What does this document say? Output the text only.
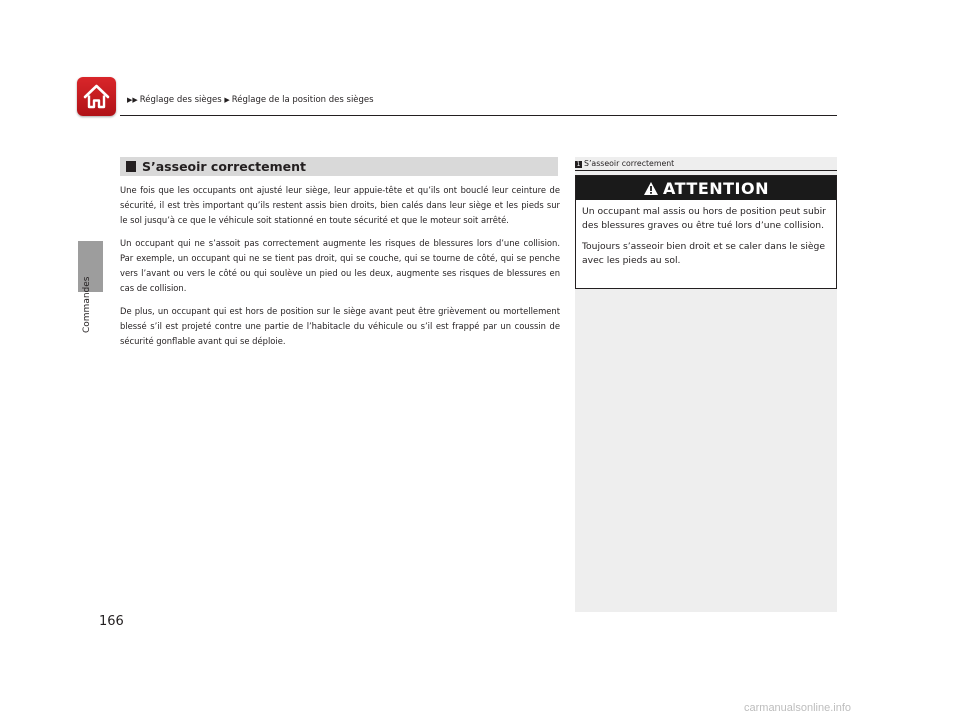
▶▶ Réglage des sièges ▶ Réglage de la position des sièges
Commandes
S’asseoir correctement

Une fois que les occupants ont ajusté leur siège, leur appuie-tête et qu’ils ont bouclé leur ceinture de sécurité, il est très important qu’ils restent assis bien droits, bien calés dans leur siège et les pieds sur le sol jusqu’à ce que le véhicule soit stationné en toute sécurité et que le moteur soit arrêté.

Un occupant qui ne s’assoit pas correctement augmente les risques de blessures lors d’une collision. Par exemple, un occupant qui ne se tient pas droit, qui se couche, qui se tourne de côté, qui se penche vers l’avant ou vers le côté ou qui soulève un pied ou les deux, augmente ses risques de blessures en cas de collision.

De plus, un occupant qui est hors de position sur le siège avant peut être grièvement ou mortellement blessé s’il est projeté contre une partie de l’habitacle du véhicule ou s’il est frappé par un coussin de sécurité gonflable avant qui se déploie.

1 S’asseoir correctement
ATTENTION

Un occupant mal assis ou hors de position peut subir des blessures graves ou être tué lors d’une collision.

Toujours s’asseoir bien droit et se caler dans le siège avec les pieds au sol.

166
carmanualsonline.info
